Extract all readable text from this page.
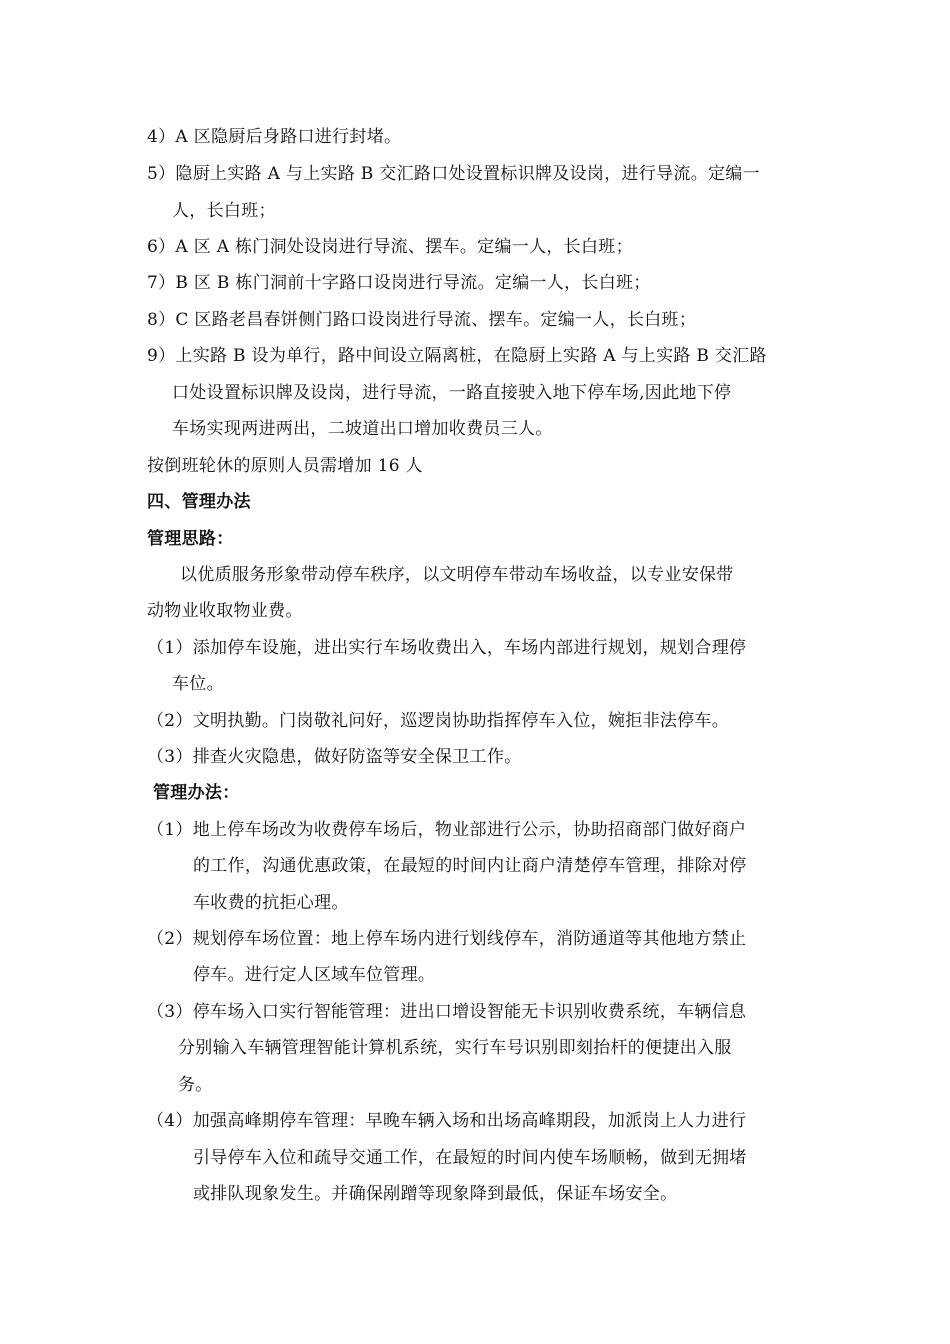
4）A 区隐厨后身路口进行封堵。
5）隐厨上实路 A 与上实路 B 交汇路口处设置标识牌及设岗，进行导流。定编一
人，长白班；
6）A 区 A 栋门洞处设岗进行导流、摆车。定编一人，长白班；
7）B 区 B 栋门洞前十字路口设岗进行导流。定编一人，长白班；
8）C 区路老昌春饼侧门路口设岗进行导流、摆车。定编一人，长白班；
9）上实路 B 设为单行，路中间设立隔离桩，在隐厨上实路 A 与上实路 B 交汇路
口处设置标识牌及设岗，进行导流，一路直接驶入地下停车场,因此地下停
车场实现两进两出，二坡道出口增加收费员三人。
按倒班轮休的原则人员需增加 16 人
四、管理办法
管理思路：
以优质服务形象带动停车秩序，以文明停车带动车场收益，以专业安保带
动物业收取物业费。
（1）添加停车设施，进出实行车场收费出入，车场内部进行规划，规划合理停
车位。
（2）文明执勤。门岗敬礼问好，巡逻岗协助指挥停车入位，婉拒非法停车。
（3）排查火灾隐患，做好防盗等安全保卫工作。
管理办法：
（1）地上停车场改为收费停车场后，物业部进行公示，协助招商部门做好商户
的工作，沟通优惠政策，在最短的时间内让商户清楚停车管理，排除对停
车收费的抗拒心理。
（2）规划停车场位置：地上停车场内进行划线停车，消防通道等其他地方禁止
停车。进行定人区域车位管理。
（3）停车场入口实行智能管理：进出口增设智能无卡识别收费系统，车辆信息
分别输入车辆管理智能计算机系统，实行车号识别即刻抬杆的便捷出入服
务。
（4）加强高峰期停车管理：早晚车辆入场和出场高峰期段，加派岗上人力进行
引导停车入位和疏导交通工作，在最短的时间内使车场顺畅，做到无拥堵
或排队现象发生。并确保剐蹭等现象降到最低，保证车场安全。
